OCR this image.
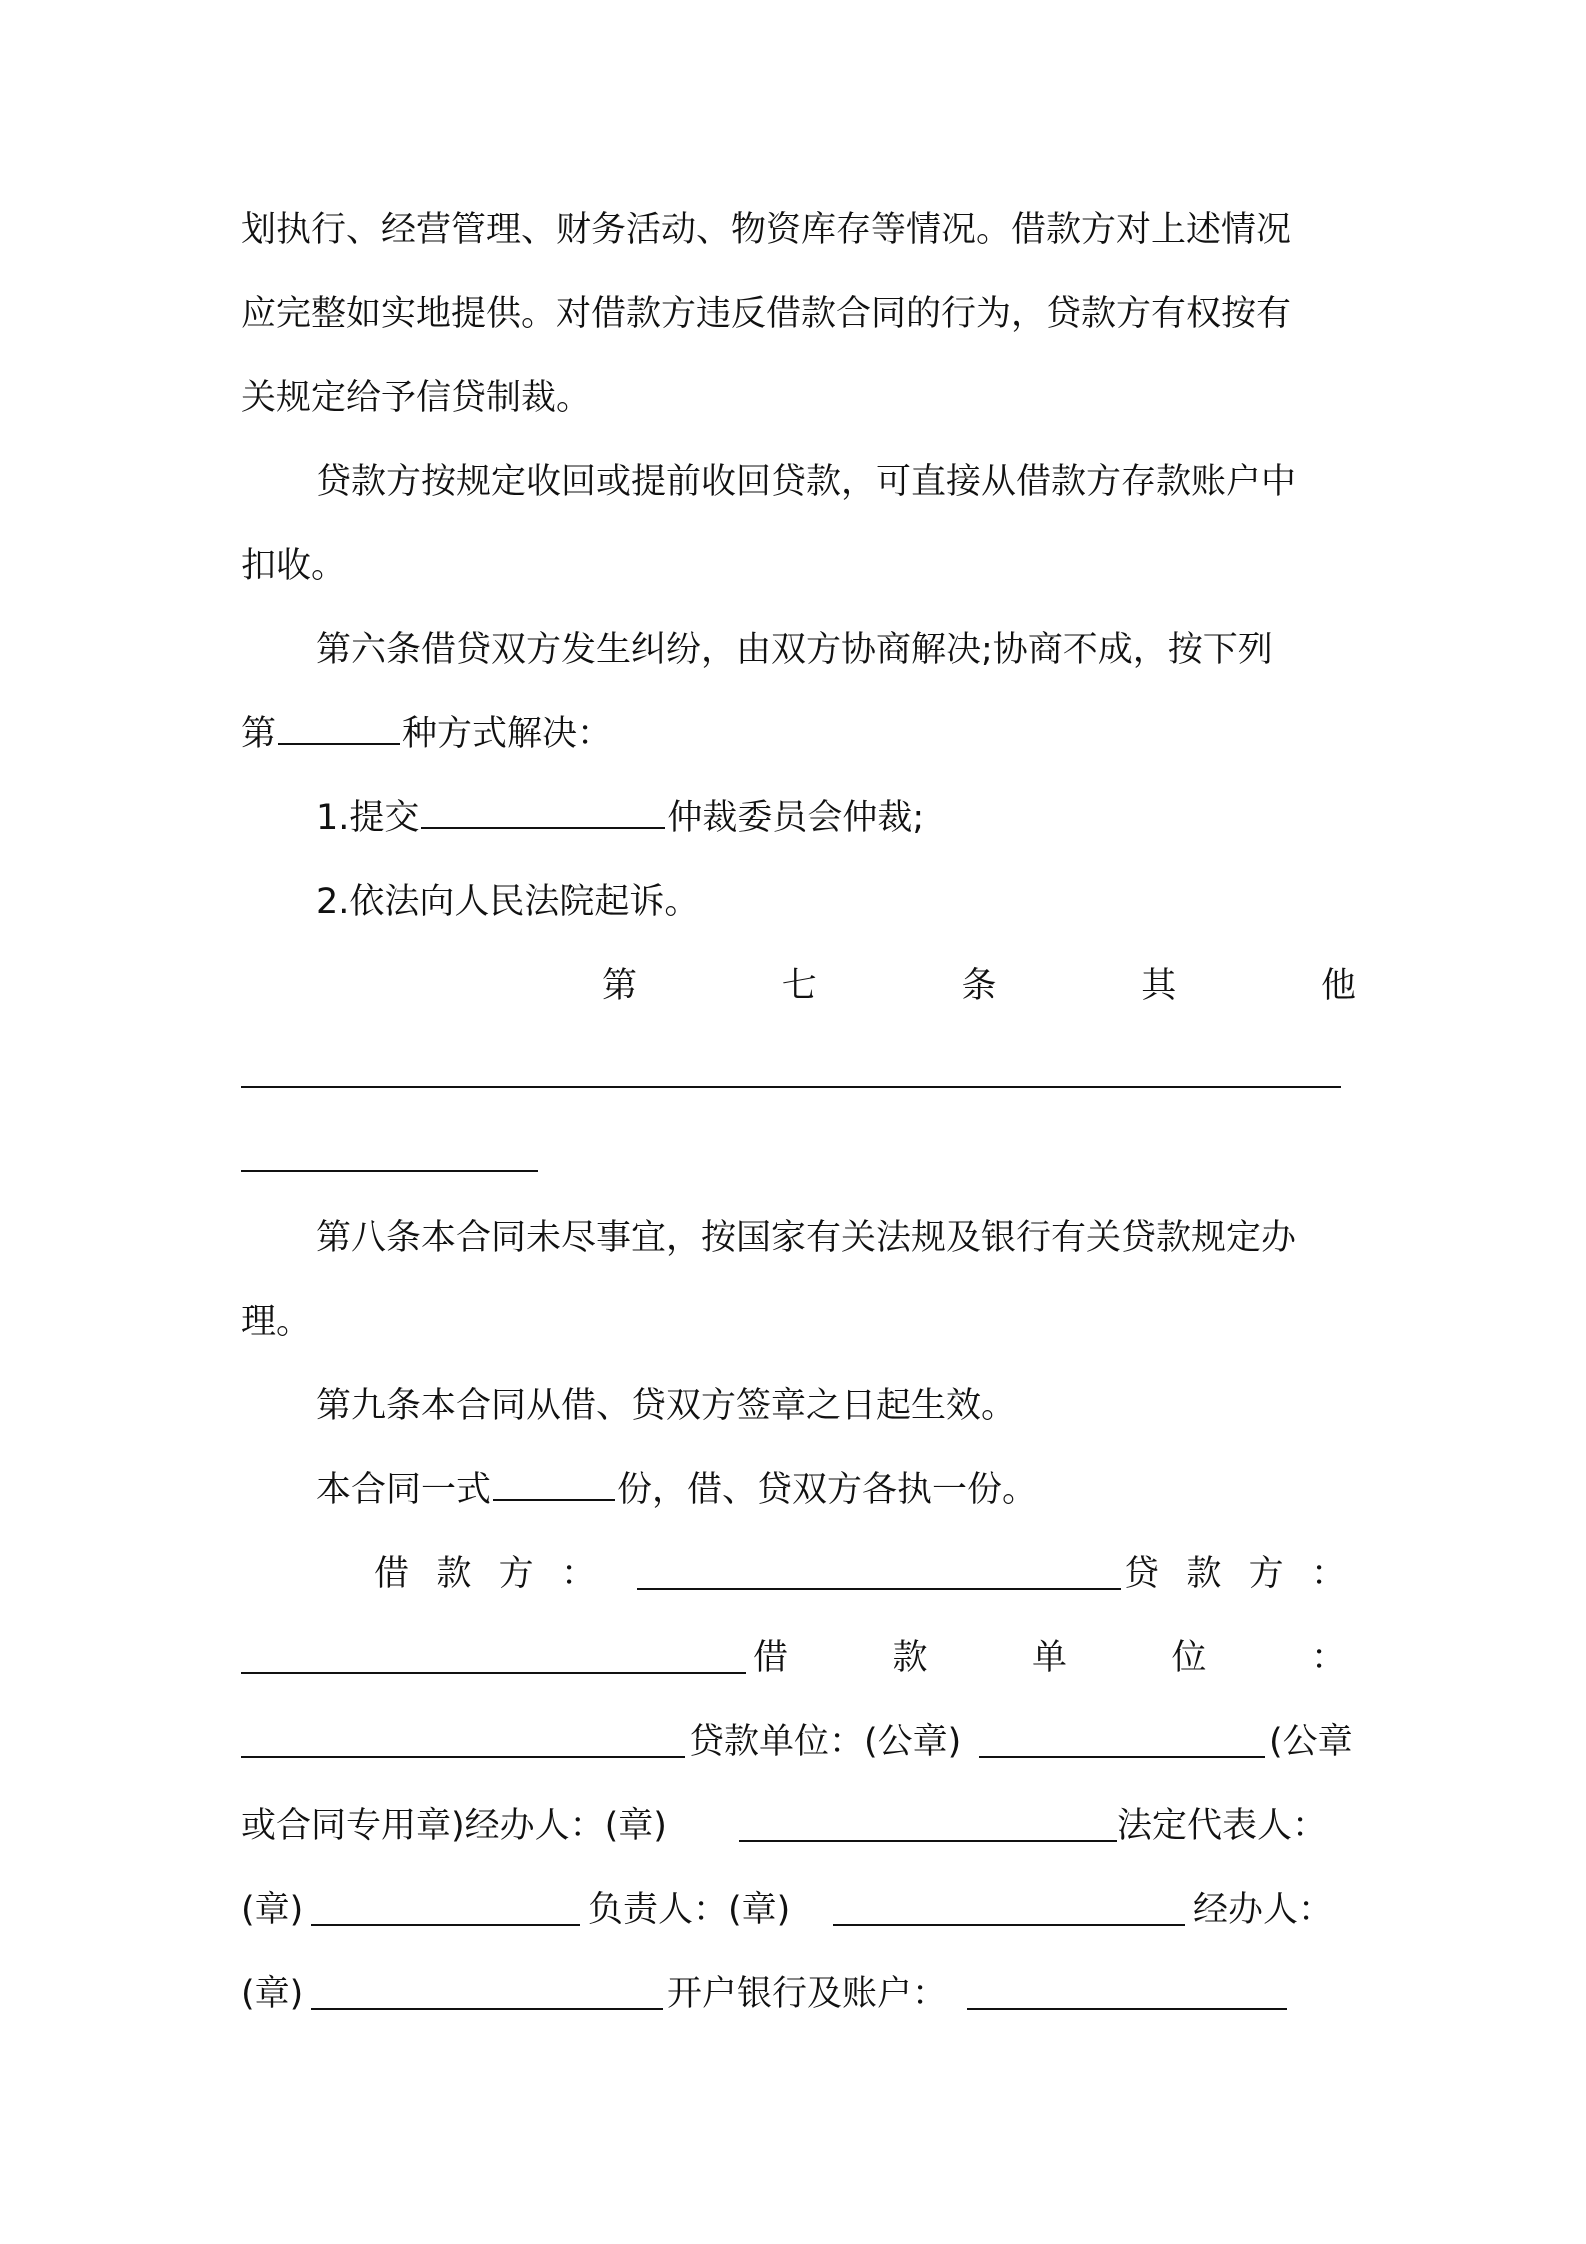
划执行、经营管理、财务活动、物资库存等情况。借款方对上述情况
应完整如实地提供。对借款方违反借款合同的行为，贷款方有权按有
关规定给予信贷制裁。
贷款方按规定收回或提前收回贷款，可直接从借款方存款账户中
扣收。
第六条借贷双方发生纠纷，由双方协商解决;协商不成，按下列
第	种方式解决：
1.提交	仲裁委员会仲裁;
2.依法向人民法院起诉。
第	七	条	其	他
第八条本合同未尽事宜，按国家有关法规及银行有关贷款规定办
理。
第九条本合同从借、贷双方签章之日起生效。
本合同一式	份，借、贷双方各执一份。
借 款 方 ：	贷 款 方 ：
借	款	单	位	：
贷款单位：(公章)	(公章
或合同专用章)经办人：(章)	法定代表人：
(章)	负责人：(章)	经办人：
(章)	开户银行及账户：
